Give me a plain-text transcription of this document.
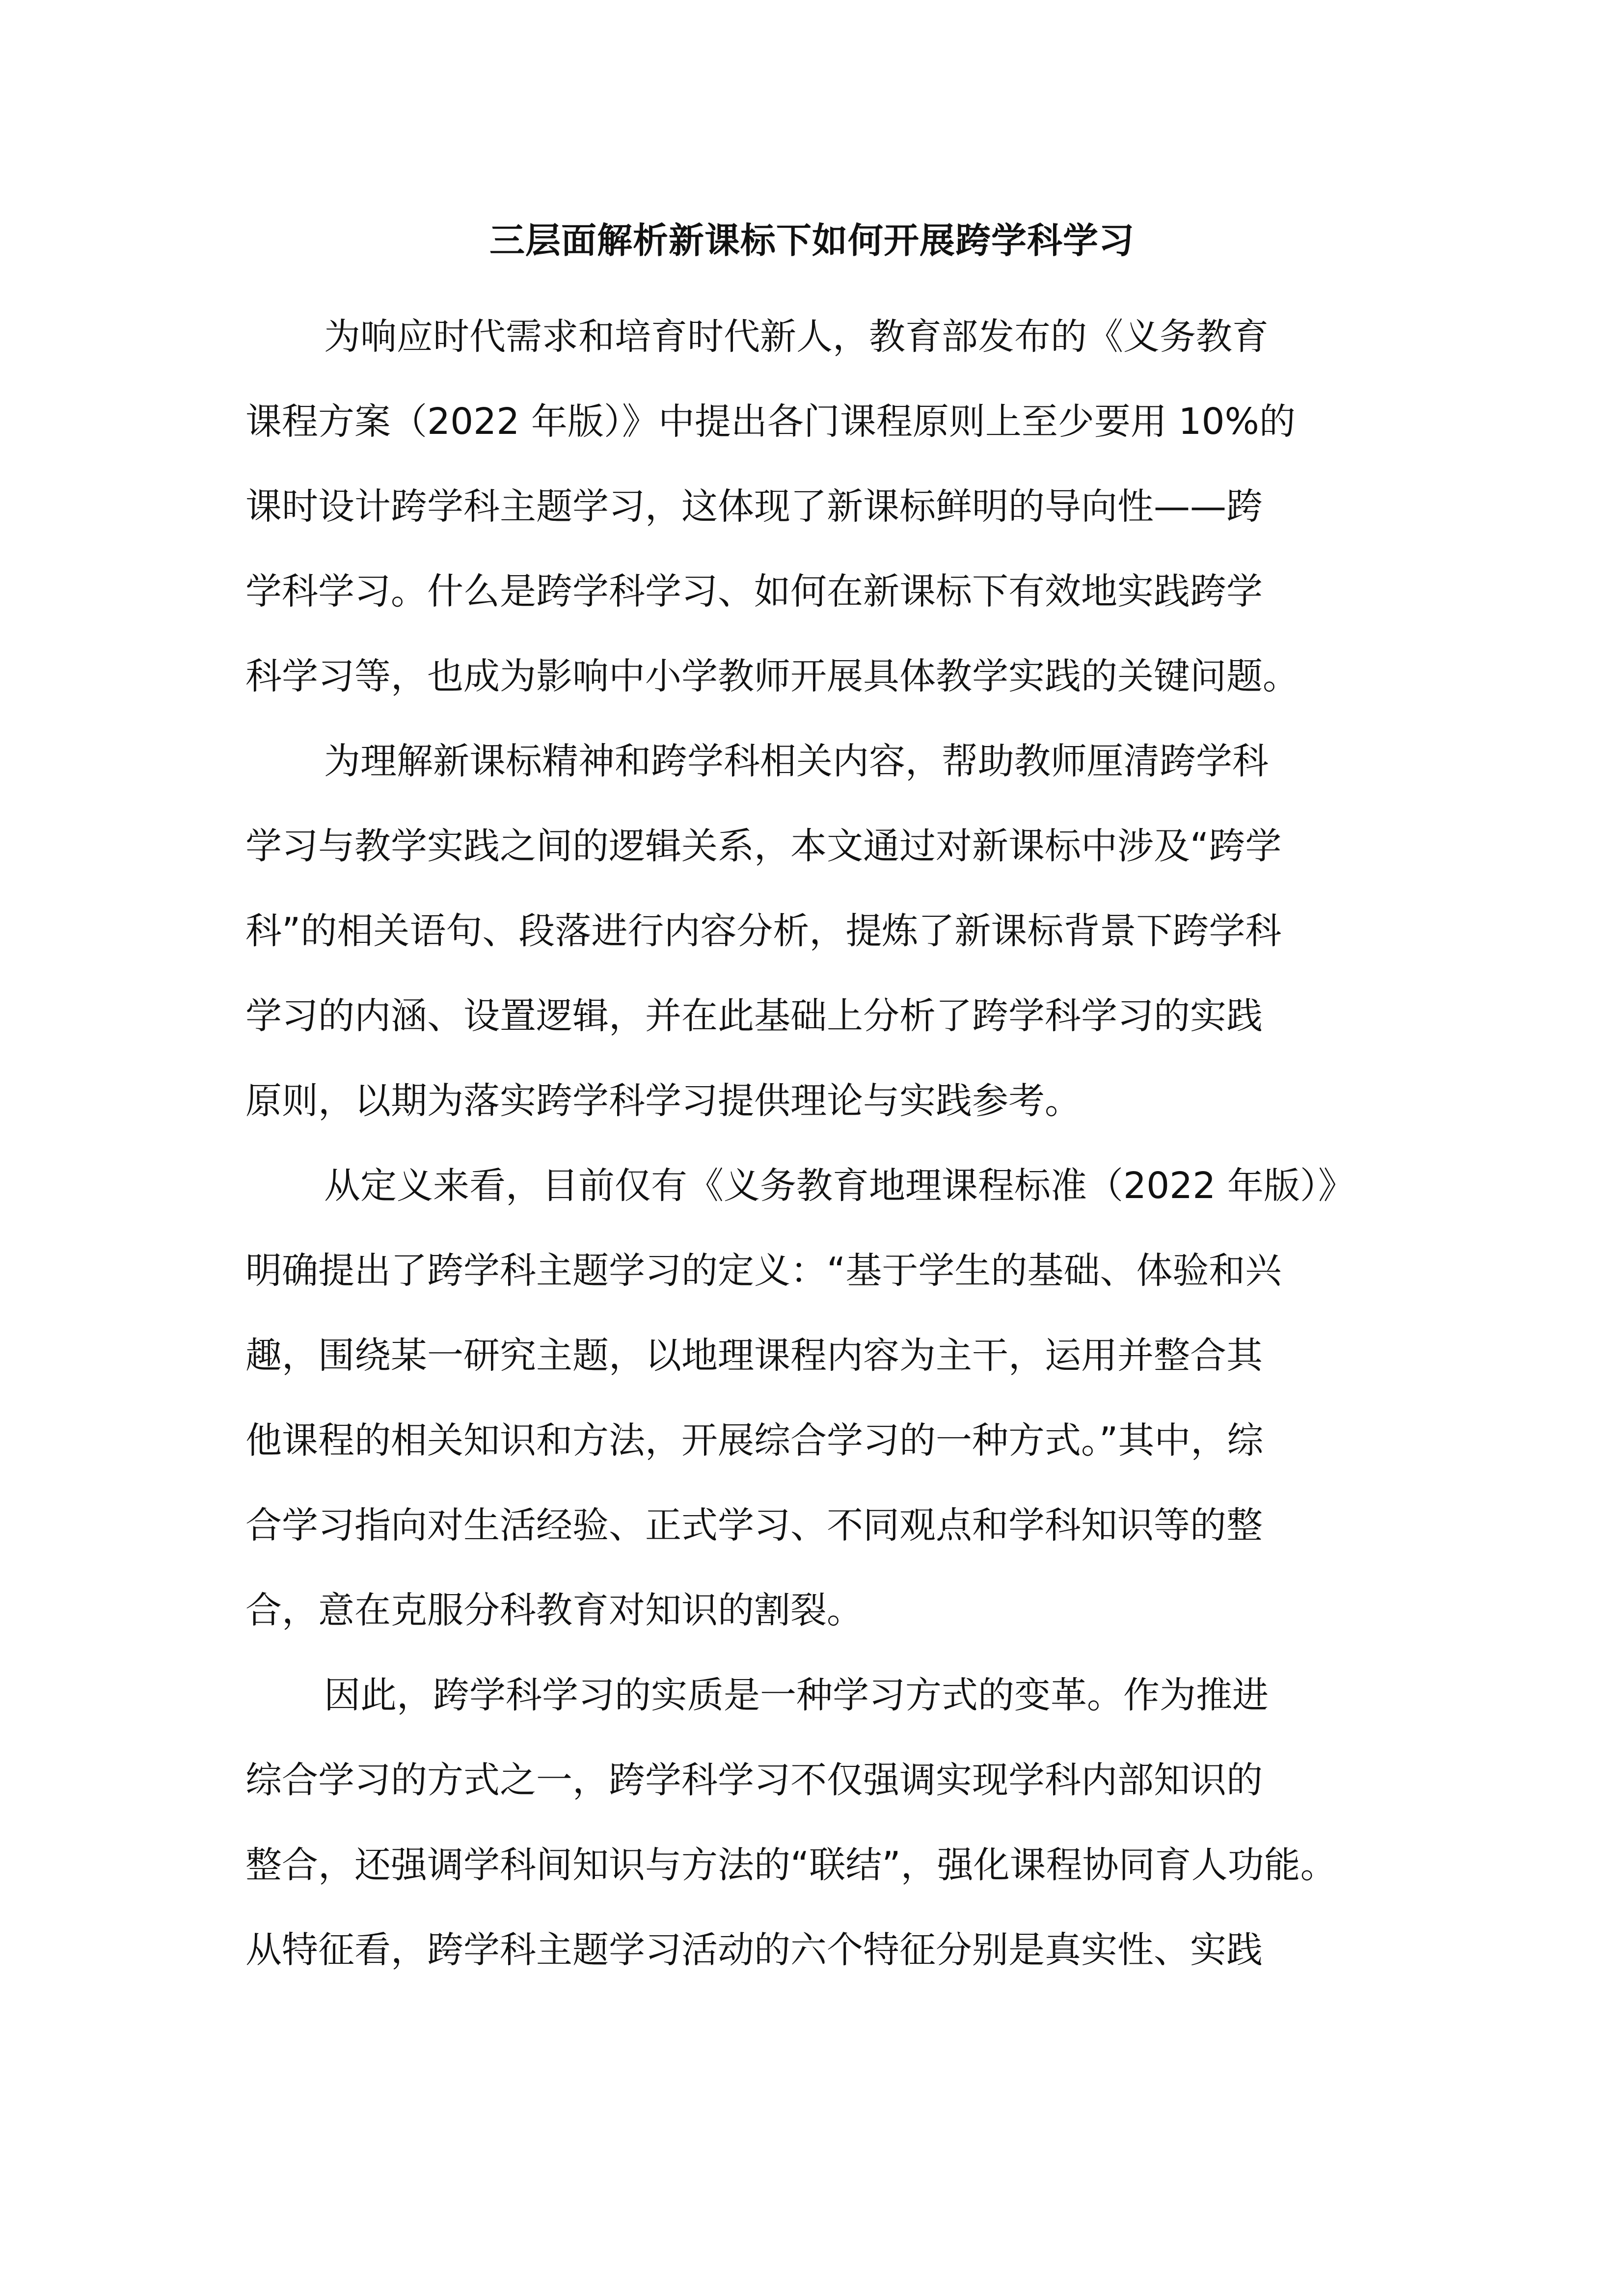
三层面解析新课标下如何开展跨学科学习

为响应时代需求和培育时代新人，教育部发布的《义务教育
课程方案（2022 年版）》中提出各门课程原则上至少要用 10%的
课时设计跨学科主题学习，这体现了新课标鲜明的导向性——跨
学科学习。什么是跨学科学习、如何在新课标下有效地实践跨学
科学习等，也成为影响中小学教师开展具体教学实践的关键问题。

为理解新课标精神和跨学科相关内容，帮助教师厘清跨学科
学习与教学实践之间的逻辑关系，本文通过对新课标中涉及“跨学
科”的相关语句、段落进行内容分析，提炼了新课标背景下跨学科
学习的内涵、设置逻辑，并在此基础上分析了跨学科学习的实践
原则，以期为落实跨学科学习提供理论与实践参考。

从定义来看，目前仅有《义务教育地理课程标准（2022 年版）》
明确提出了跨学科主题学习的定义：“基于学生的基础、体验和兴
趣，围绕某一研究主题，以地理课程内容为主干，运用并整合其
他课程的相关知识和方法，开展综合学习的一种方式。”其中，综
合学习指向对生活经验、正式学习、不同观点和学科知识等的整
合，意在克服分科教育对知识的割裂。

因此，跨学科学习的实质是一种学习方式的变革。作为推进
综合学习的方式之一，跨学科学习不仅强调实现学科内部知识的
整合，还强调学科间知识与方法的“联结”，强化课程协同育人功能。
从特征看，跨学科主题学习活动的六个特征分别是真实性、实践
